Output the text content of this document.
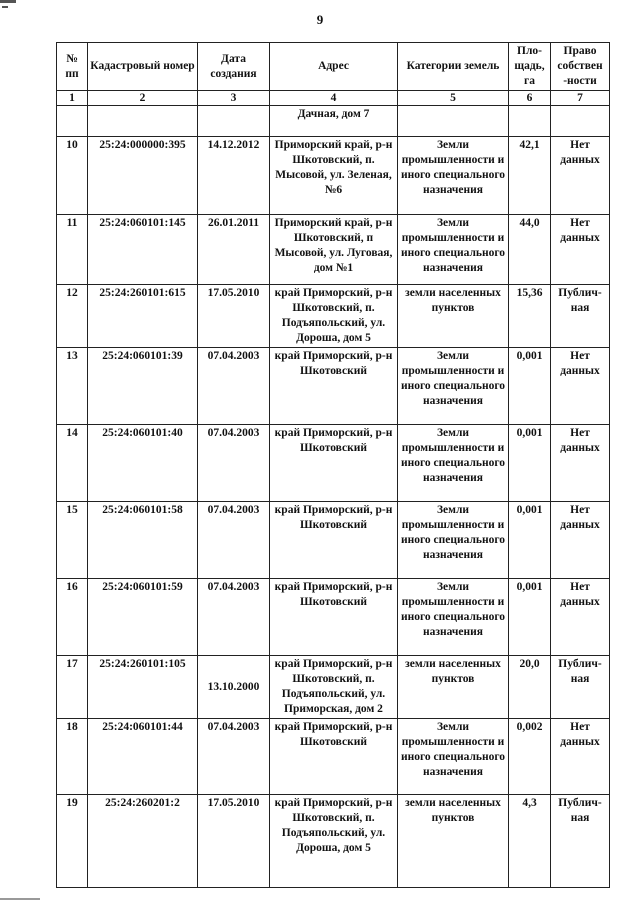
9
№ пп	Кадастровый номер	Дата создания	Адрес	Категории земель	Пло-щадь, га	Право собствен -ности
1	2	3	4	5	6	7
			Дачная, дом 7			
10	25:24:000000:395	14.12.2012	Приморский край, р-н Шкотовский, п. Мысовой, ул. Зеленая, №6	Земли промышленности и иного специального назначения	42,1	Нет данных
11	25:24:060101:145	26.01.2011	Приморский край, р-н Шкотовский, п Мысовой, ул. Луговая, дом №1	Земли промышленности и иного специального назначения	44,0	Нет данных
12	25:24:260101:615	17.05.2010	край Приморский, р-н Шкотовский, п. Подъяпольский, ул. Дороша, дом 5	земли населенных пунктов	15,36	Публич-ная
13	25:24:060101:39	07.04.2003	край Приморский, р-н Шкотовский	Земли промышленности и иного специального назначения	0,001	Нет данных
14	25:24:060101:40	07.04.2003	край Приморский, р-н Шкотовский	Земли промышленности и иного специального назначения	0,001	Нет данных
15	25:24:060101:58	07.04.2003	край Приморский, р-н Шкотовский	Земли промышленности и иного специального назначения	0,001	Нет данных
16	25:24:060101:59	07.04.2003	край Приморский, р-н Шкотовский	Земли промышленности и иного специального назначения	0,001	Нет данных
17	25:24:260101:105	13.10.2000	край Приморский, р-н Шкотовский, п. Подъяпольский, ул. Приморская, дом 2	земли населенных пунктов	20,0	Публич-ная
18	25:24:060101:44	07.04.2003	край Приморский, р-н Шкотовский	Земли промышленности и иного специального назначения	0,002	Нет данных
19	25:24:260201:2	17.05.2010	край Приморский, р-н Шкотовский, п. Подъяпольский, ул. Дороша, дом 5	земли населенных пунктов	4,3	Публич-ная
